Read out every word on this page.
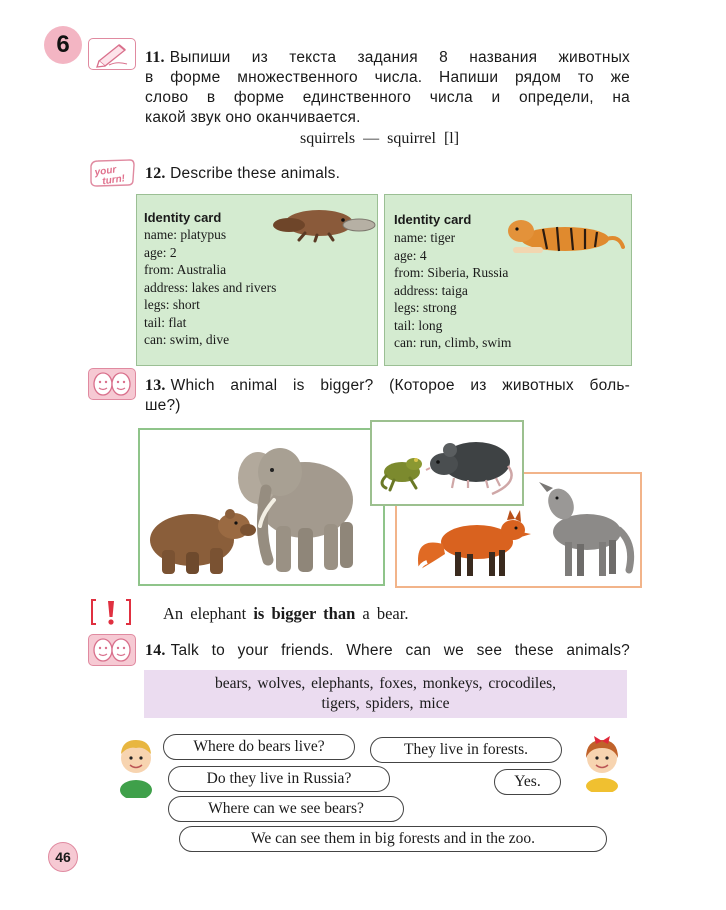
6	11. Выпиши из текста задания 8 названия животных
в форме множественного числа. Напиши рядом то же
слово в форме единственного числа и определи, на
какой звук оно оканчивается.
squirrels — squirrel [l]
your
turn! 12. Describe these animals.
Identity card
name: platypus
age: 2
from: Australia
address: lakes and rivers
legs: short
tail: flat
can: swim, dive
Identity card
name: tiger
age: 4
from: Siberia, Russia
address: taiga
legs: strong
tail: long
can: run, climb, swim
13. Which animal is bigger? (Которое из животных боль-
ше?)
An elephant is bigger than a bear.
14. Talk to your friends. Where can we see these animals?
bears, wolves, elephants, foxes, monkeys, crocodiles,
tigers, spiders, mice
Where do bears live?	They live in forests.
Do they live in Russia?	Yes.
Where can we see bears?
We can see them in big forests and in the zoo.
46
